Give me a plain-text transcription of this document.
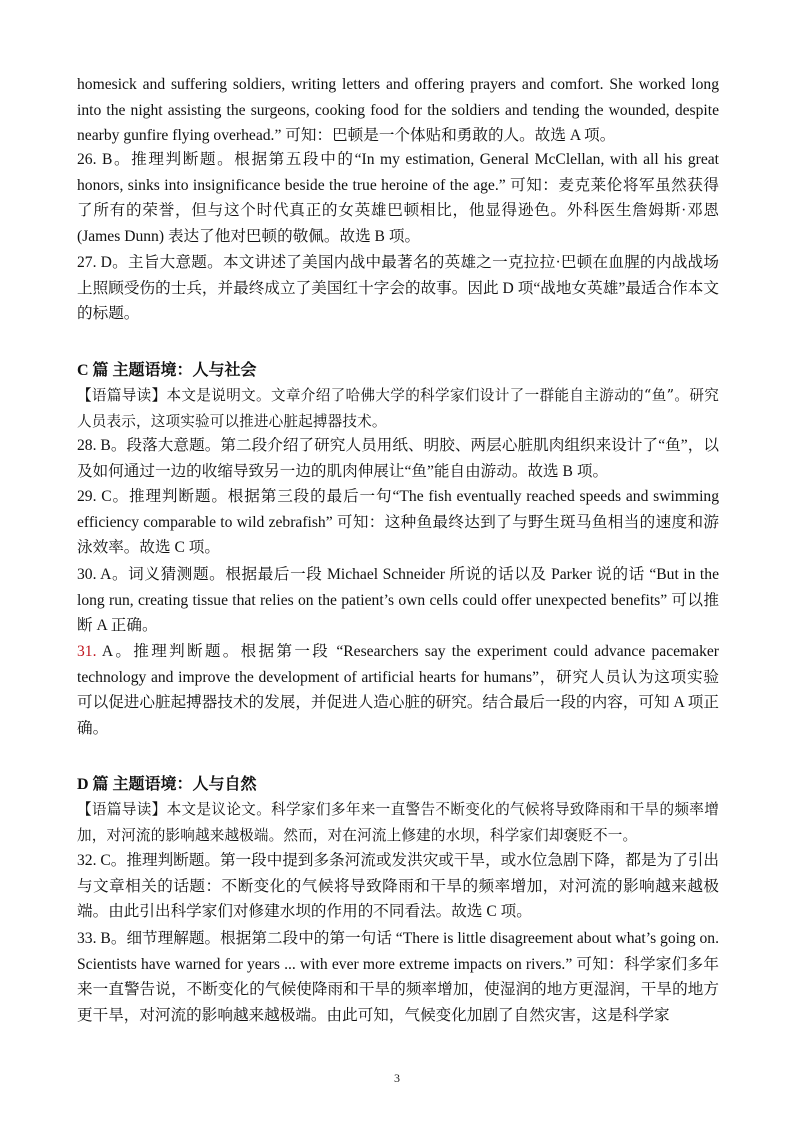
homesick and suffering soldiers, writing letters and offering prayers and comfort. She worked long into the night assisting the surgeons, cooking food for the soldiers and tending the wounded, despite nearby gunfire flying overhead.” 可知：巴顿是一个体贴和勇敢的人。故选 A 项。

26. B。推理判断题。根据第五段中的“In my estimation, General McClellan, with all his great honors, sinks into insignificance beside the true heroine of the age.” 可知：麦克莱伦将军虽然获得了所有的荣誉，但与这个时代真正的女英雄巴顿相比，他显得逊色。外科医生詹姆斯·邓恩 (James Dunn) 表达了他对巴顿的敬佩。故选 B 项。

27. D。主旨大意题。本文讲述了美国内战中最著名的英雄之一克拉拉·巴顿在血腥的内战战场上照顾受伤的士兵，并最终成立了美国红十字会的故事。因此 D 项“战地女英雄”最适合作本文的标题。

C 篇 主题语境：人与社会

【语篇导读】本文是说明文。文章介绍了哈佛大学的科学家们设计了一群能自主游动的“鱼”。研究人员表示，这项实验可以推进心脏起搏器技术。

28. B。段落大意题。第二段介绍了研究人员用纸、明胶、两层心脏肌肉组织来设计了“鱼”，以及如何通过一边的收缩导致另一边的肌肉伸展让“鱼”能自由游动。故选 B 项。

29. C。推理判断题。根据第三段的最后一句“The fish eventually reached speeds and swimming efficiency comparable to wild zebrafish” 可知：这种鱼最终达到了与野生斑马鱼相当的速度和游泳效率。故选 C 项。

30. A。词义猜测题。根据最后一段 Michael Schneider 所说的话以及 Parker 说的话 “But in the long run, creating tissue that relies on the patient’s own cells could offer unexpected benefits” 可以推断 A 正确。

31. A。推理判断题。根据第一段 “Researchers say the experiment could advance pacemaker technology and improve the development of artificial hearts for humans”，研究人员认为这项实验可以促进心脏起搏器技术的发展，并促进人造心脏的研究。结合最后一段的内容，可知 A 项正确。

D 篇 主题语境：人与自然

【语篇导读】本文是议论文。科学家们多年来一直警告不断变化的气候将导致降雨和干旱的频率增加，对河流的影响越来越极端。然而，对在河流上修建的水坝，科学家们却褒贬不一。

32. C。推理判断题。第一段中提到多条河流或发洪灾或干旱，或水位急剧下降，都是为了引出与文章相关的话题：不断变化的气候将导致降雨和干旱的频率增加，对河流的影响越来越极端。由此引出科学家们对修建水坝的作用的不同看法。故选 C 项。

33. B。细节理解题。根据第二段中的第一句话 “There is little disagreement about what’s going on. Scientists have warned for years ... with ever more extreme impacts on rivers.” 可知：科学家们多年来一直警告说，不断变化的气候使降雨和干旱的频率增加，使湿润的地方更湿润，干旱的地方更干旱，对河流的影响越来越极端。由此可知，气候变化加剧了自然灾害，这是科学家

3
